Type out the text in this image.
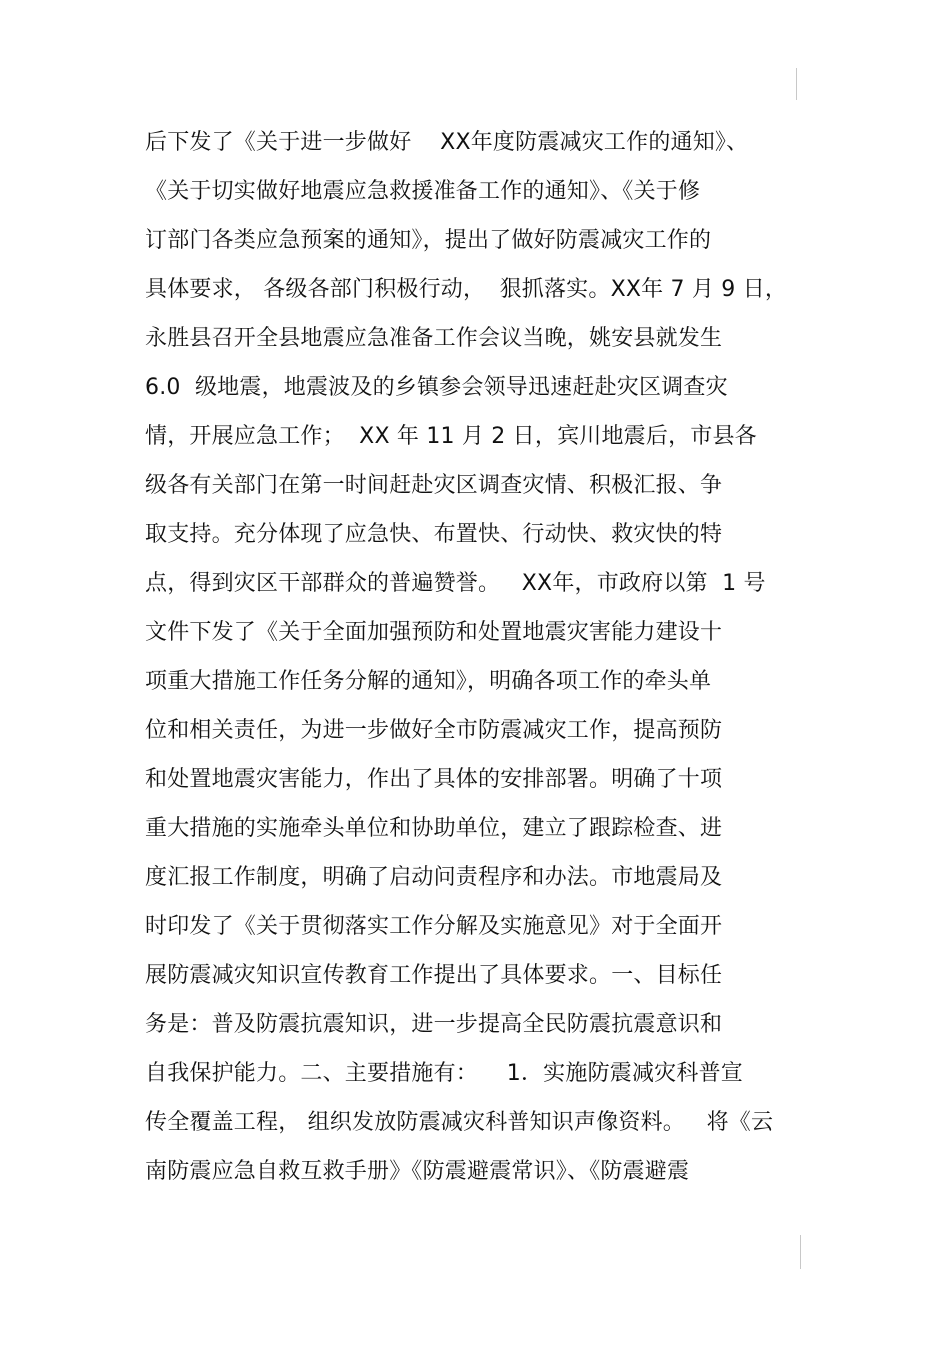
后下发了《关于进一步做好    XX年度防震减灾工作的通知》、
《关于切实做好地震应急救援准备工作的通知》、《关于修
订部门各类应急预案的通知》，提出了做好防震减灾工作的
具体要求， 各级各部门积极行动，  狠抓落实。XX年 7 月 9 日，
永胜县召开全县地震应急准备工作会议当晚，姚安县就发生
6.0  级地震，地震波及的乡镇参会领导迅速赶赴灾区调查灾
情，开展应急工作；  XX 年 11 月 2 日，宾川地震后，市县各
级各有关部门在第一时间赶赴灾区调查灾情、积极汇报、争
取支持。充分体现了应急快、布置快、行动快、救灾快的特
点，得到灾区干部群众的普遍赞誉。   XX年，市政府以第  1 号
文件下发了《关于全面加强预防和处置地震灾害能力建设十
项重大措施工作任务分解的通知》，明确各项工作的牵头单
位和相关责任，为进一步做好全市防震减灾工作，提高预防
和处置地震灾害能力，作出了具体的安排部署。明确了十项
重大措施的实施牵头单位和协助单位，建立了跟踪检查、进
度汇报工作制度，明确了启动问责程序和办法。市地震局及
时印发了《关于贯彻落实工作分解及实施意见》对于全面开
展防震减灾知识宣传教育工作提出了具体要求。一、目标任
务是：普及防震抗震知识，进一步提高全民防震抗震意识和
自我保护能力。二、主要措施有：    1．实施防震减灾科普宣
传全覆盖工程， 组织发放防震减灾科普知识声像资料。   将《云
南防震应急自救互救手册》《防震避震常识》、《防震避震
